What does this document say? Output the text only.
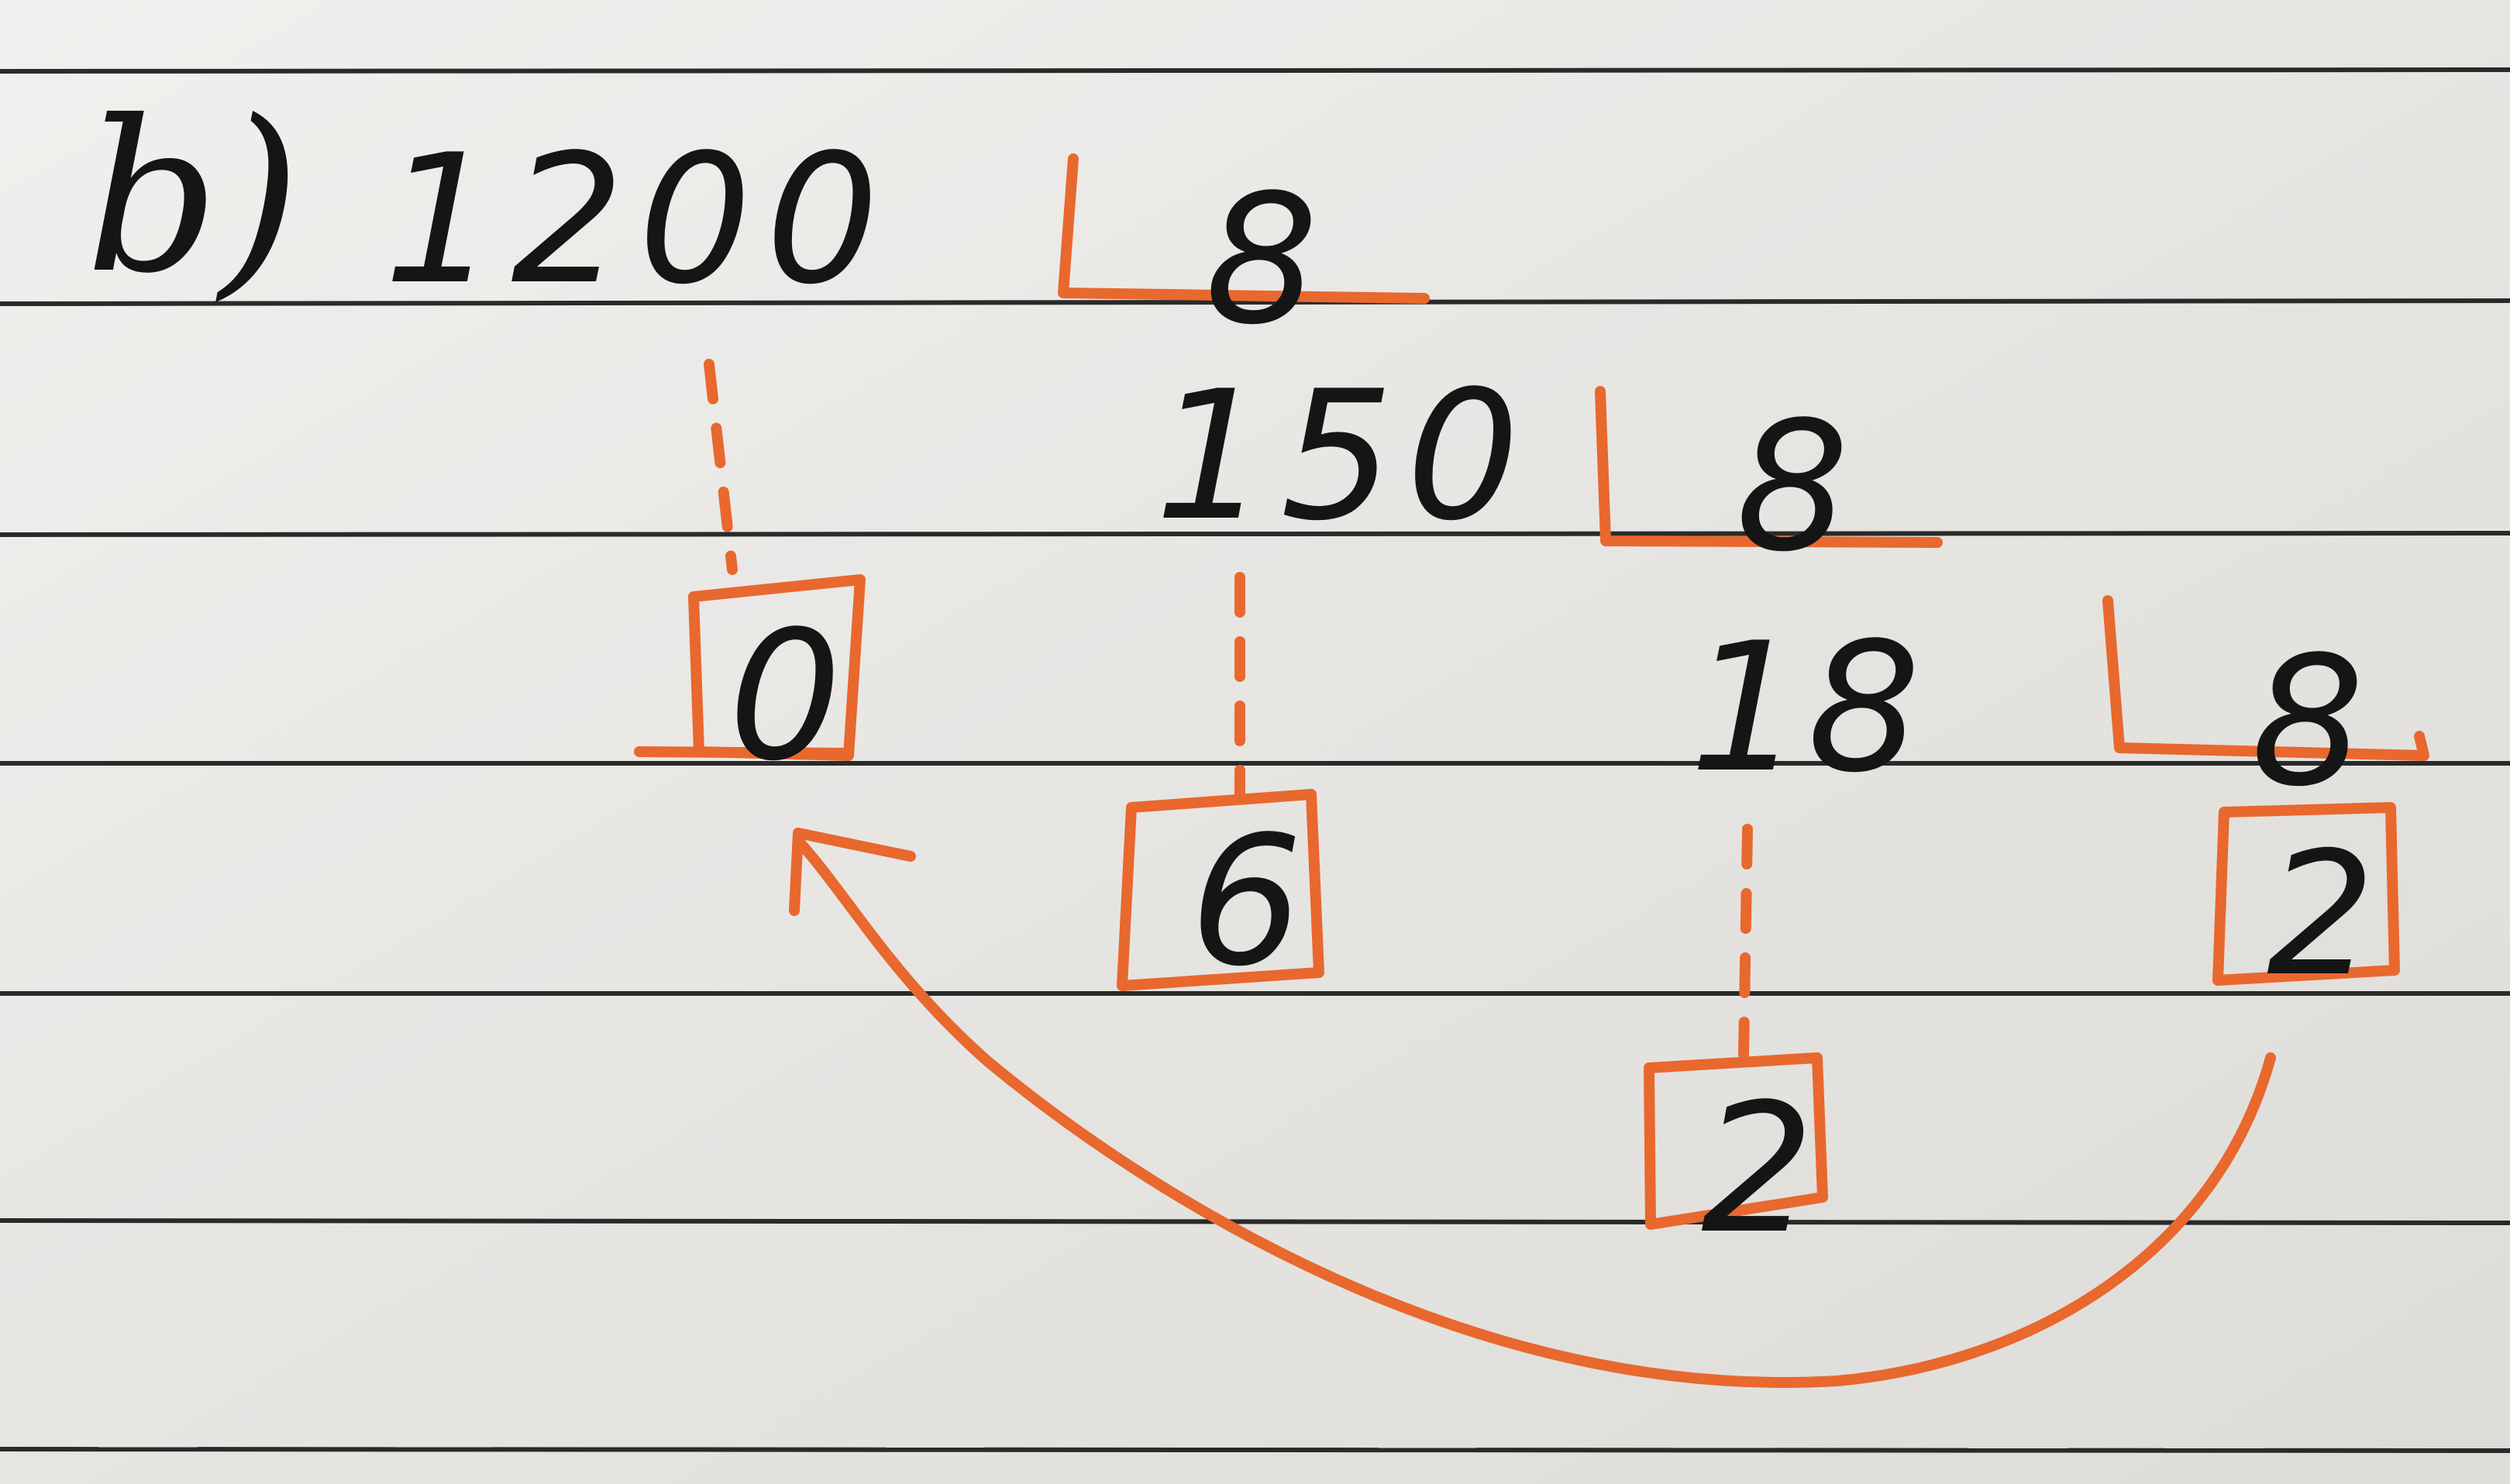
b) 1200 8
150 8
18 8
0
6	2
2
